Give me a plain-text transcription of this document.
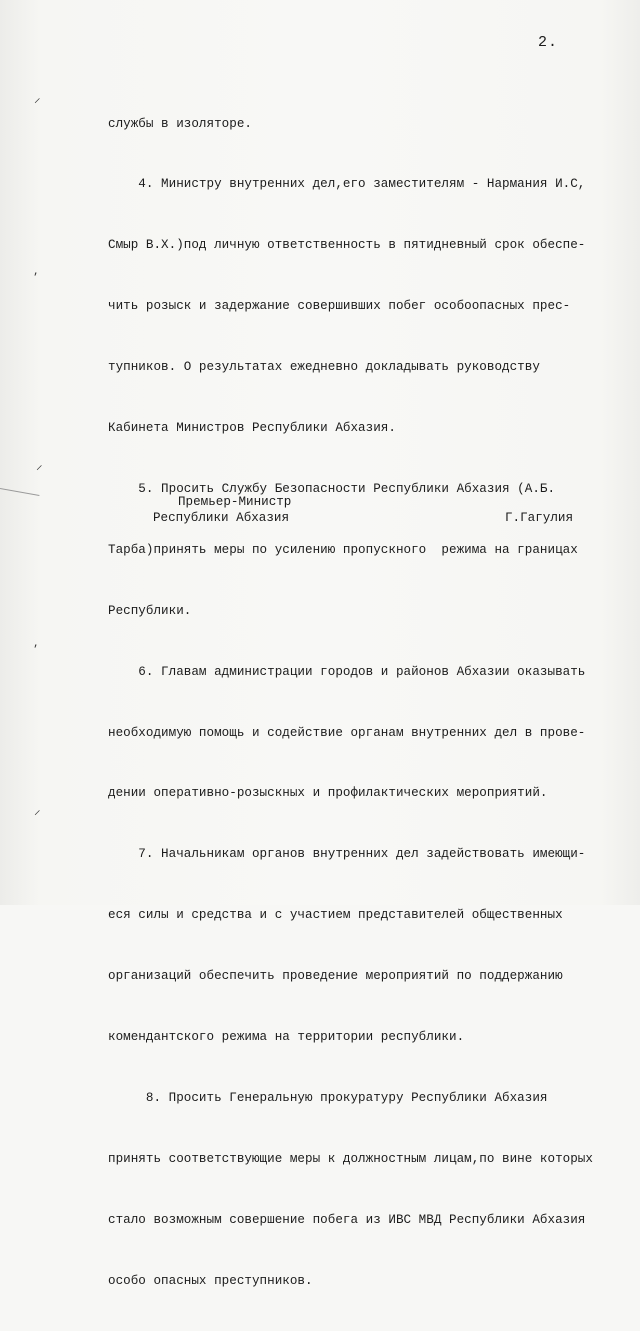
2.

службы в изоляторе.

4. Министру внутренних дел,его заместителям - Нармания И.С,

Смыр В.Х.)под личную ответственность в пятидневный срок обеспе-

чить розыск и задержание совершивших побег особоопасных прес-

тупников. О результатах ежедневно докладывать руководству

Кабинета Министров Республики Абхазия.

5. Просить Службу Безопасности Республики Абхазия (А.Б.

Тарба)принять меры по усилению пропускного  режима на границах

Республики.

6. Главам администрации городов и районов Абхазии оказывать

необходимую помощь и содействие органам внутренних дел в прове-

дении оперативно-розыскных и профилактических мероприятий.

7. Начальникам органов внутренних дел задействовать имеющи-

еся силы и средства и с участием представителей общественных

организаций обеспечить проведение мероприятий по поддержанию

комендантского режима на территории республики.

8. Просить Генеральную прокуратуру Республики Абхазия

принять соответствующие меры к должностным лицам,по вине которых

стало возможным совершение побега из ИВС МВД Республики Абхазия

особо опасных преступников.

Премьер-Министр
Республики Абхазия	Г.Гагулия
⸝
⸴
⸝
⸴
⸝
